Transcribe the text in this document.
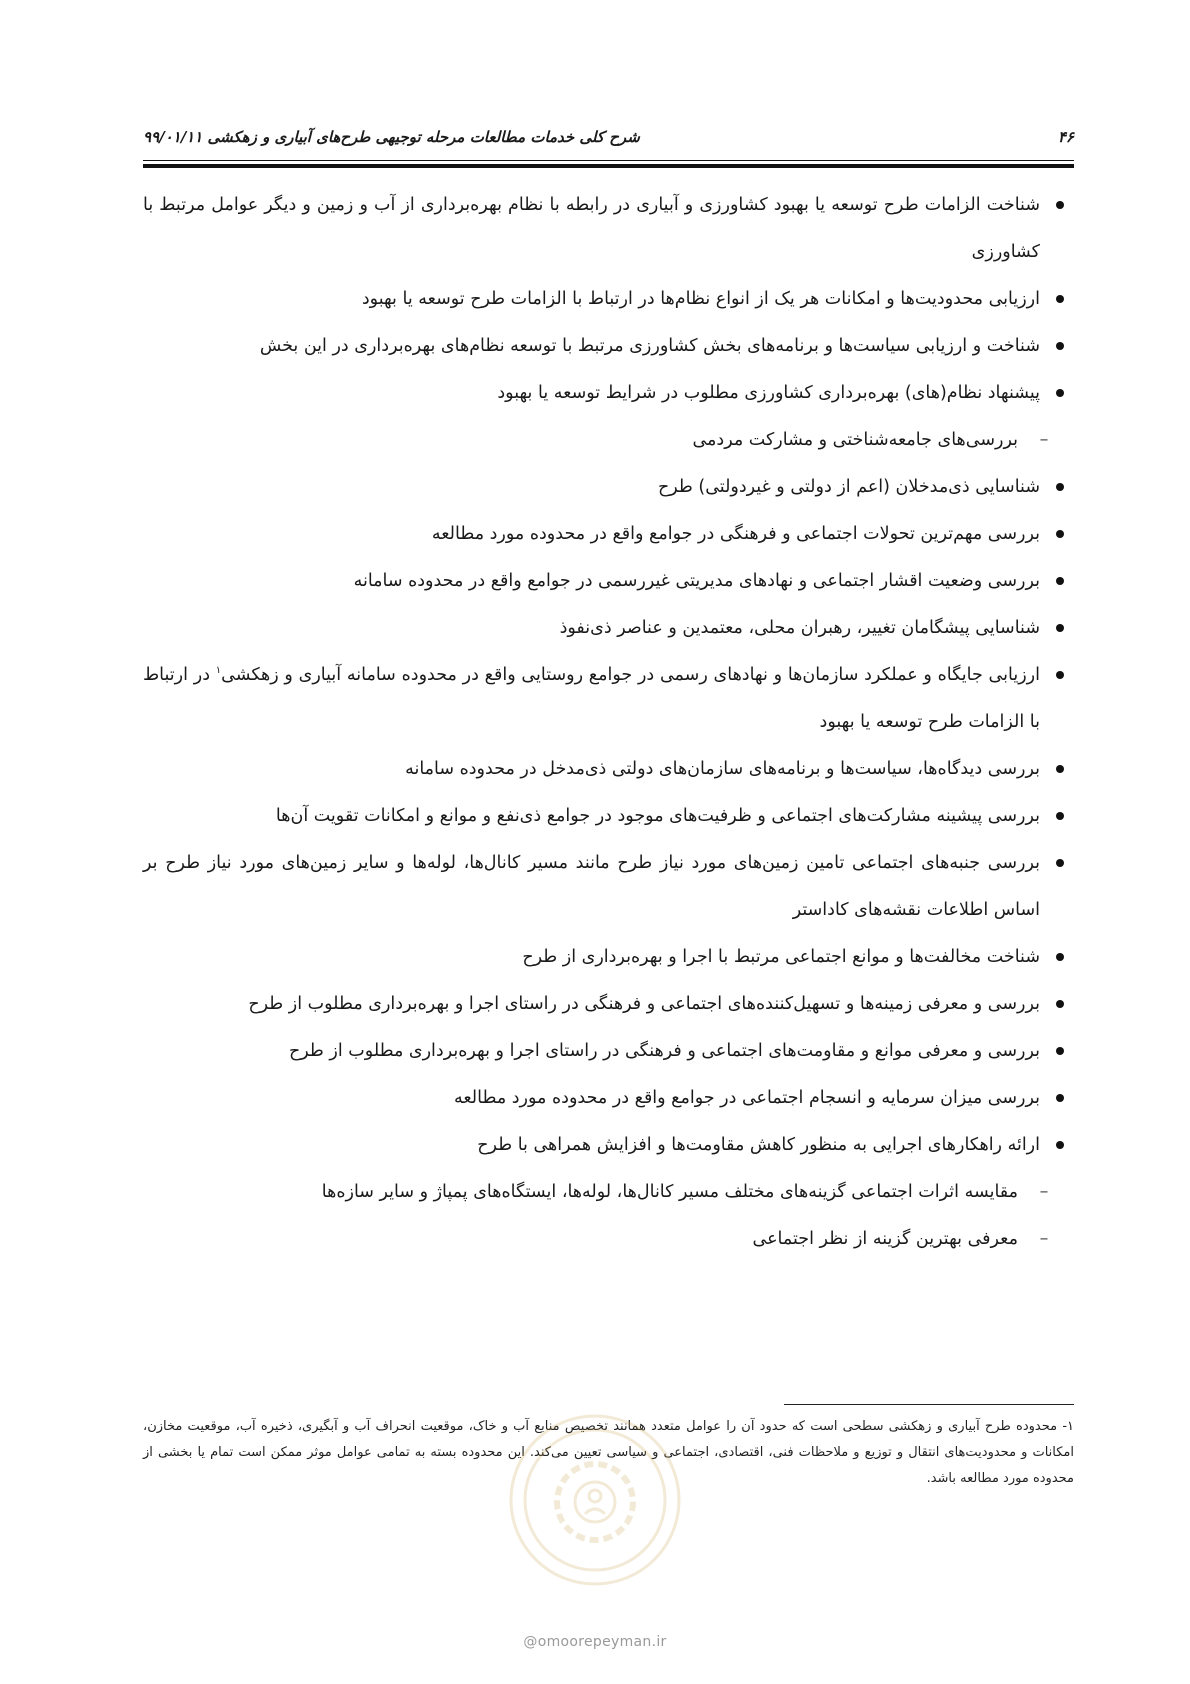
شرح کلی خدمات مطالعات مرحله توجیهی طرح‌های آبیاری و زهکشی ۹۹/۰۱/۱۱	۴۶
شناخت الزامات طرح توسعه یا بهبود کشاورزی و آبیاری در رابطه با نظام بهره‌برداری از آب و زمین و دیگر عوامل مرتبط با کشاورزی
ارزیابی محدودیت‌ها و امکانات هر یک از انواع نظام‌ها در ارتباط با الزامات طرح توسعه یا بهبود
شناخت و ارزیابی سیاست‌ها و برنامه‌های بخش کشاورزی مرتبط با توسعه نظام‌های بهره‌برداری در این بخش
پیشنهاد نظام(های) بهره‌برداری کشاورزی مطلوب در شرایط توسعه یا بهبود
–
بررسی‌های جامعه‌شناختی و مشارکت مردمی
شناسایی ذی‌مدخلان (اعم از دولتی و غیردولتی) طرح
بررسی مهم‌ترین تحولات اجتماعی و فرهنگی در جوامع واقع در محدوده مورد مطالعه
بررسی وضعیت اقشار اجتماعی و نهادهای مدیریتی غیررسمی در جوامع واقع در محدوده سامانه
شناسایی پیشگامان تغییر، رهبران محلی، معتمدین و عناصر ذی‌نفوذ
ارزیابی جایگاه و عملکرد سازمان‌ها و نهادهای رسمی در جوامع روستایی واقع در محدوده سامانه آبیاری و زهکشی$^۱$ در ارتباط با الزامات طرح توسعه یا بهبود
بررسی دیدگاه‌ها، سیاست‌ها و برنامه‌های سازمان‌های دولتی ذی‌مدخل در محدوده سامانه
بررسی پیشینه مشارکت‌های اجتماعی و ظرفیت‌های موجود در جوامع ذی‌نفع و موانع و امکانات تقویت آن‌ها
بررسی جنبه‌های اجتماعی تامین زمین‌های مورد نیاز طرح مانند مسیر کانال‌ها، لوله‌ها و سایر زمین‌های مورد نیاز طرح بر اساس اطلاعات نقشه‌های کاداستر
شناخت مخالفت‌ها و موانع اجتماعی مرتبط با اجرا و بهره‌برداری از طرح
بررسی و معرفی زمینه‌ها و تسهیل‌کننده‌های اجتماعی و فرهنگی در راستای اجرا و بهره‌برداری مطلوب از طرح
بررسی و معرفی موانع و مقاومت‌های اجتماعی و فرهنگی در راستای اجرا و بهره‌برداری مطلوب از طرح
بررسی میزان سرمایه و انسجام اجتماعی در جوامع واقع در محدوده مورد مطالعه
ارائه راهکارهای اجرایی به منظور کاهش مقاومت‌ها و افزایش همراهی با طرح
–
مقایسه اثرات اجتماعی گزینه‌های مختلف مسیر کانال‌ها، لوله‌ها، ایستگاه‌های پمپاژ و سایر سازه‌ها
–
معرفی بهترین گزینه از نظر اجتماعی
۱- محدوده طرح آبیاری و زهکشی سطحی است که حدود آن را عوامل متعدد همانند تخصیص منابع آب و خاک، موقعیت انحراف آب و آبگیری، ذخیره آب، موقعیت مخازن، امکانات و محدودیت‌های انتقال و توزیع و ملاحظات فنی، اقتصادی، اجتماعی و سیاسی تعیین می‌کند. این محدوده بسته به تمامی عوامل موثر ممکن است تمام یا بخشی از محدوده مورد مطالعه باشد.
@omoorepeyman.ir
